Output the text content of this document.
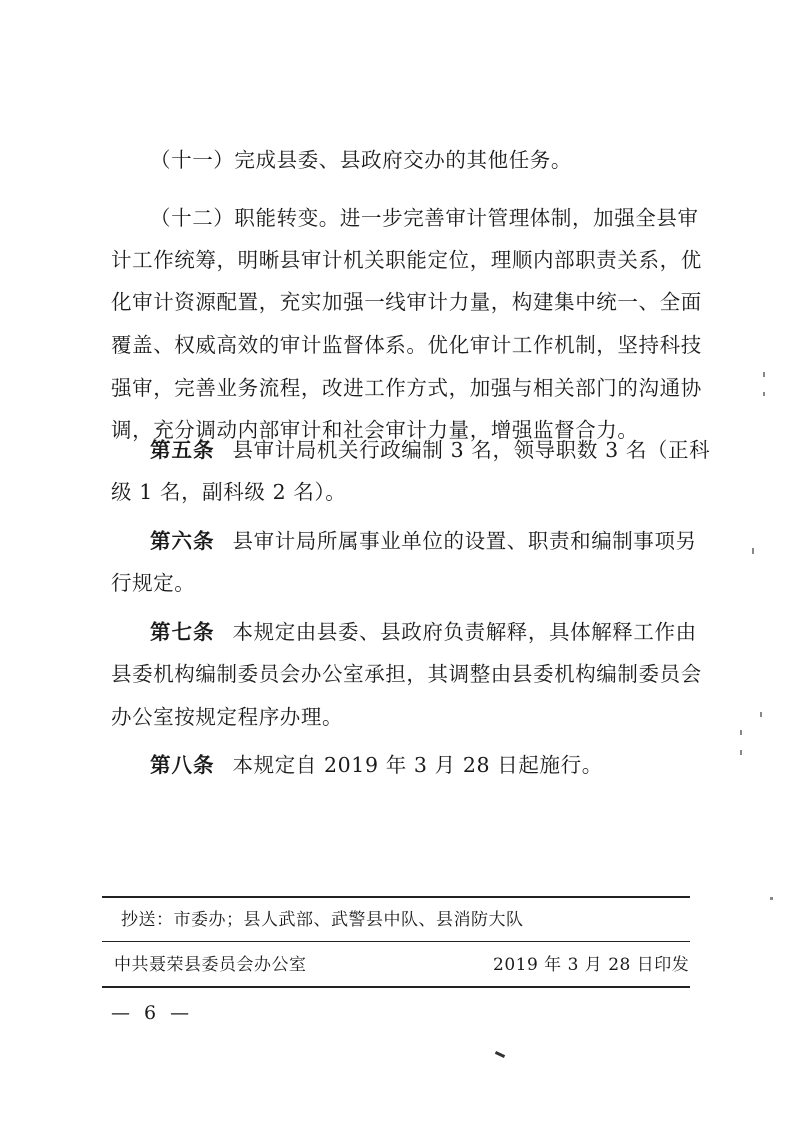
（十一）完成县委、县政府交办的其他任务。
（十二）职能转变。进一步完善审计管理体制，加强全县审
计工作统筹，明晰县审计机关职能定位，理顺内部职责关系，优
化审计资源配置，充实加强一线审计力量，构建集中统一、全面
覆盖、权威高效的审计监督体系。优化审计工作机制，坚持科技
强审，完善业务流程，改进工作方式，加强与相关部门的沟通协
调，充分调动内部审计和社会审计力量，增强监督合力。
第五条 县审计局机关行政编制 3 名，领导职数 3 名（正科
级 1 名，副科级 2 名）。
第六条 县审计局所属事业单位的设置、职责和编制事项另
行规定。
第七条 本规定由县委、县政府负责解释，具体解释工作由
县委机构编制委员会办公室承担，其调整由县委机构编制委员会
办公室按规定程序办理。
第八条 本规定自 2019 年 3 月 28 日起施行。
抄送：市委办；县人武部、武警县中队、县消防大队
中共聂荣县委员会办公室	2019 年 3 月 28 日印发
— 6 —
